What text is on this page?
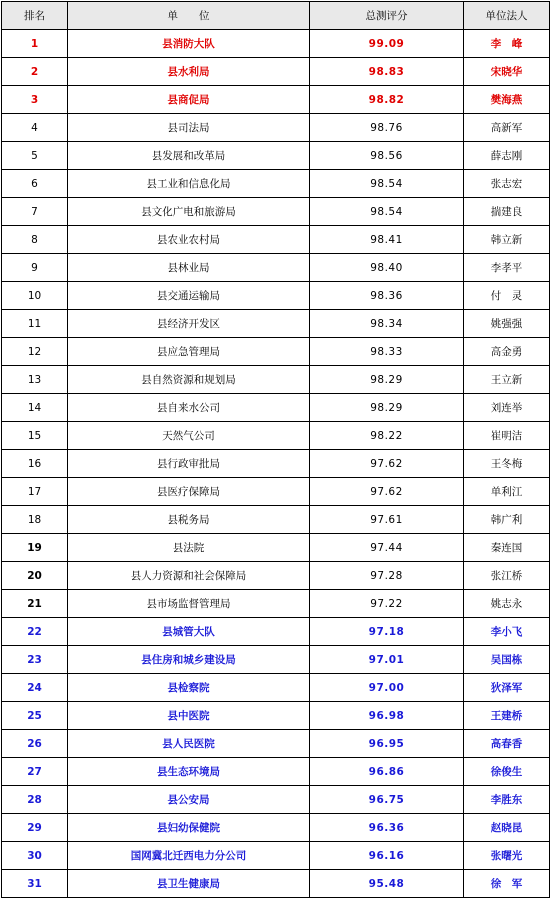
排名	单　　位	总测评分	单位法人
1	县消防大队	99.09	李　峰
2	县水利局	98.83	宋晓华
3	县商促局	98.82	樊海燕
4	县司法局	98.76	高新军
5	县发展和改革局	98.56	薛志刚
6	县工业和信息化局	98.54	张志宏
7	县文化广电和旅游局	98.54	揣建良
8	县农业农村局	98.41	韩立新
9	县林业局	98.40	李孝平
10	县交通运输局	98.36	付　灵
11	县经济开发区	98.34	姚强强
12	县应急管理局	98.33	高金勇
13	县自然资源和规划局	98.29	王立新
14	县自来水公司	98.29	刘连举
15	天然气公司	98.22	崔明洁
16	县行政审批局	97.62	王冬梅
17	县医疗保障局	97.62	单利江
18	县税务局	97.61	韩广利
19	县法院	97.44	秦连国
20	县人力资源和社会保障局	97.28	张江桥
21	县市场监督管理局	97.22	姚志永
22	县城管大队	97.18	李小飞
23	县住房和城乡建设局	97.01	吴国栋
24	县检察院	97.00	狄泽军
25	县中医院	96.98	王建桥
26	县人民医院	96.95	高春香
27	县生态环境局	96.86	徐俊生
28	县公安局	96.75	李胜东
29	县妇幼保健院	96.36	赵晓昆
30	国网冀北迁西电力分公司	96.16	张曙光
31	县卫生健康局	95.48	徐　军
